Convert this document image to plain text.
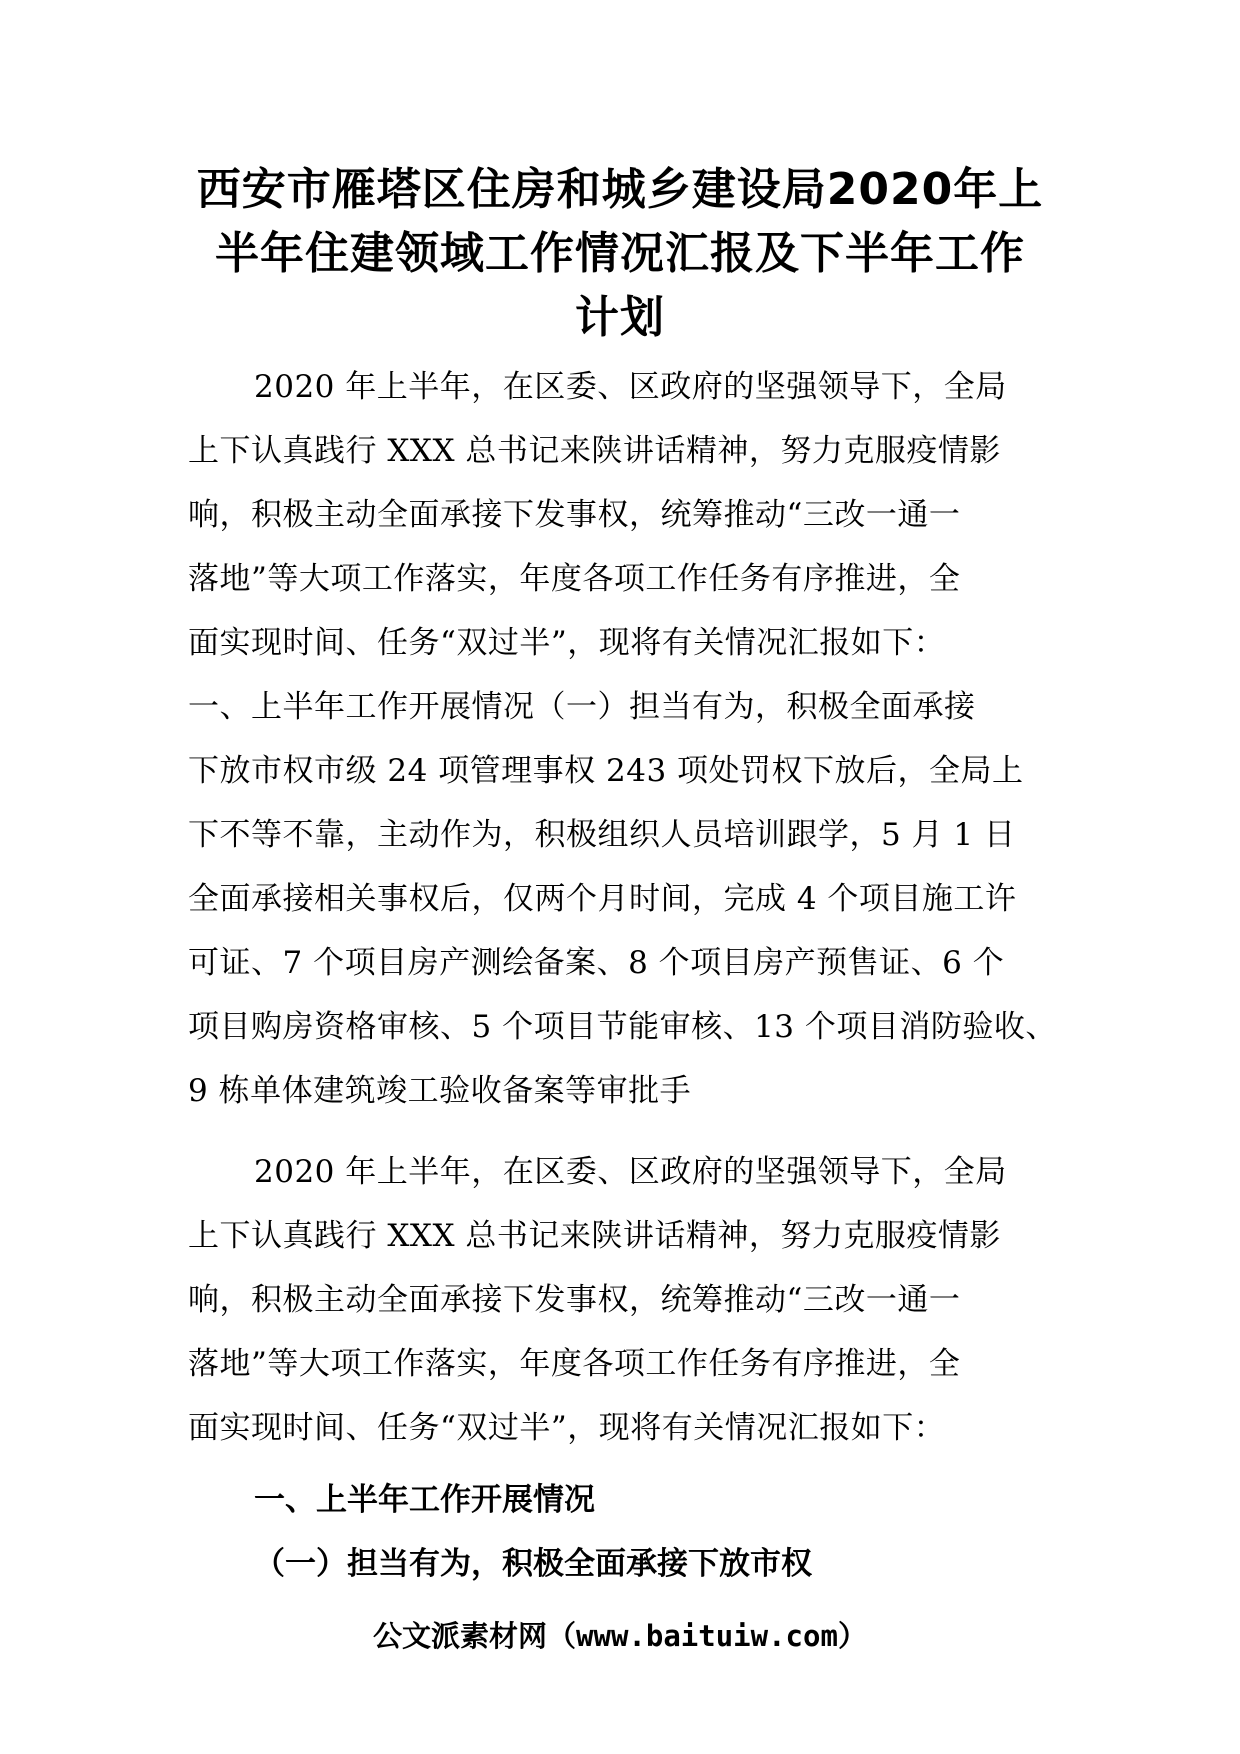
西安市雁塔区住房和城乡建设局2020年上
半年住建领域工作情况汇报及下半年工作
计划
2020 年上半年，在区委、区政府的坚强领导下，全局
上下认真践行 XXX 总书记来陕讲话精神，努力克服疫情影
响，积极主动全面承接下发事权，统筹推动“三改一通一
落地”等大项工作落实，年度各项工作任务有序推进，全
面实现时间、任务“双过半”，现将有关情况汇报如下：
一、上半年工作开展情况（一）担当有为，积极全面承接
下放市权市级 24 项管理事权 243 项处罚权下放后，全局上
下不等不靠，主动作为，积极组织人员培训跟学，5 月 1 日
全面承接相关事权后，仅两个月时间，完成 4 个项目施工许
可证、7 个项目房产测绘备案、8 个项目房产预售证、6 个
项目购房资格审核、5 个项目节能审核、13 个项目消防验收、
9 栋单体建筑竣工验收备案等审批手
2020 年上半年，在区委、区政府的坚强领导下，全局
上下认真践行 XXX 总书记来陕讲话精神，努力克服疫情影
响，积极主动全面承接下发事权，统筹推动“三改一通一
落地”等大项工作落实，年度各项工作任务有序推进，全
面实现时间、任务“双过半”，现将有关情况汇报如下：
一、上半年工作开展情况
（一）担当有为，积极全面承接下放市权
公文派素材网（www.baituiw.com）
